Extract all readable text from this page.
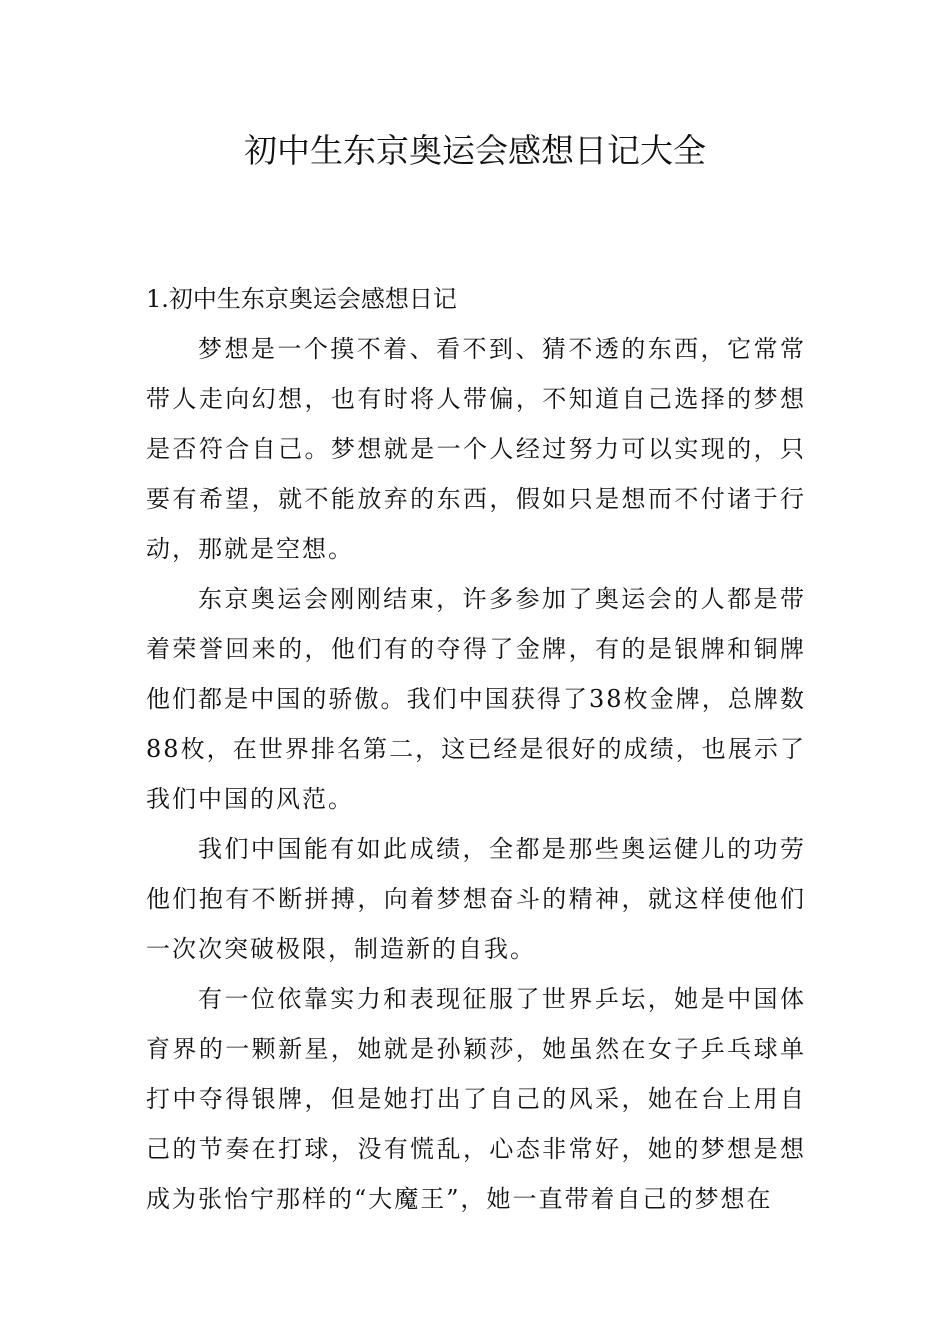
初中生东京奥运会感想日记大全

1.初中生东京奥运会感想日记

梦想是一个摸不着、看不到、猜不透的东西，它常常带人走向幻想，也有时将人带偏，不知道自己选择的梦想是否符合自己。梦想就是一个人经过努力可以实现的，只要有希望，就不能放弃的东西，假如只是想而不付诸于行动，那就是空想。

东京奥运会刚刚结束，许多参加了奥运会的人都是带着荣誉回来的，他们有的夺得了金牌，有的是银牌和铜牌他们都是中国的骄傲。我们中国获得了38枚金牌，总牌数88枚，在世界排名第二，这已经是很好的成绩，也展示了我们中国的风范。

我们中国能有如此成绩，全都是那些奥运健儿的功劳他们抱有不断拼搏，向着梦想奋斗的精神，就这样使他们一次次突破极限，制造新的自我。

有一位依靠实力和表现征服了世界乒坛，她是中国体育界的一颗新星，她就是孙颖莎，她虽然在女子乒乓球单打中夺得银牌，但是她打出了自己的风采，她在台上用自己的节奏在打球，没有慌乱，心态非常好，她的梦想是想成为张怡宁那样的“大魔王”，她一直带着自己的梦想在
